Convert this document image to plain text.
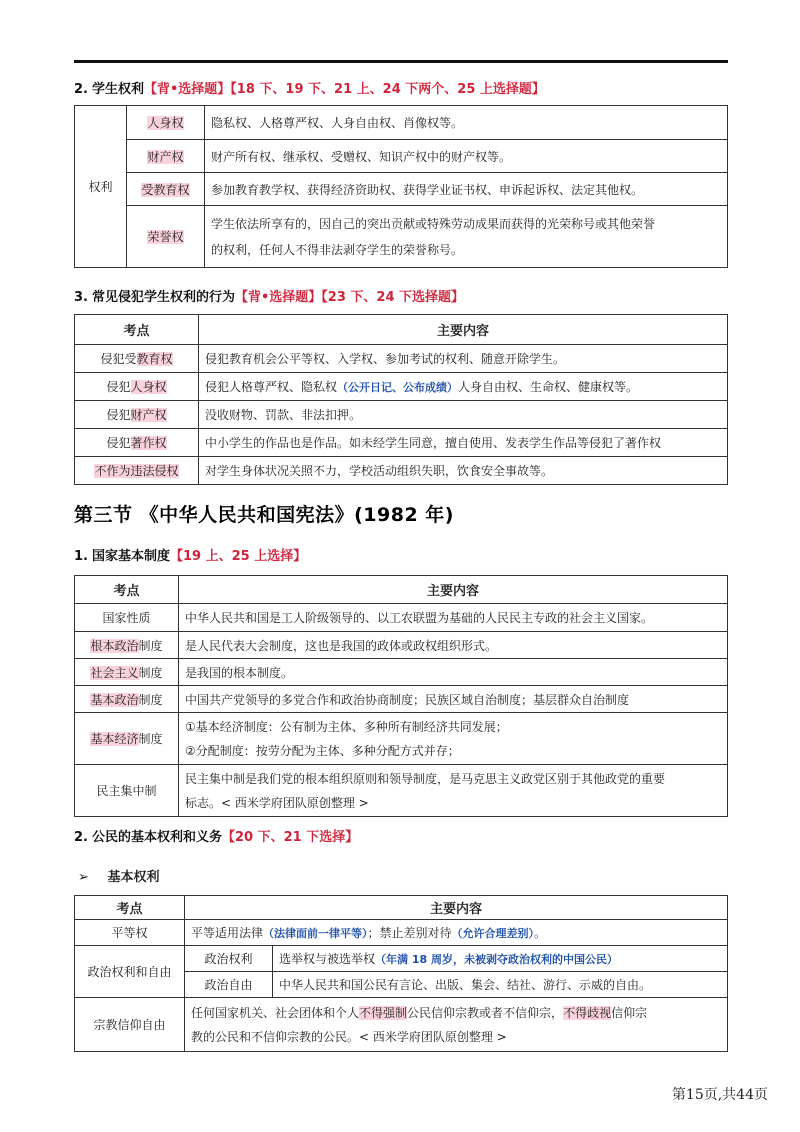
2. 学生权利【背•选择题】【18 下、19 下、21 上、24 下两个、25 上选择题】
权利	人身权	隐私权、人格尊严权、人身自由权、肖像权等。
	财产权	财产所有权、继承权、受赠权、知识产权中的财产权等。
	受教育权	参加教育教学权、获得经济资助权、获得学业证书权、申诉起诉权、法定其他权。
	荣誉权	学生依法所享有的，因自己的突出贡献或特殊劳动成果而获得的光荣称号或其他荣誉
的权利，任何人不得非法剥夺学生的荣誉称号。
3. 常见侵犯学生权利的行为【背•选择题】【23 下、24 下选择题】
考点	主要内容
侵犯受教育权	侵犯教育机会公平等权、入学权、参加考试的权利、随意开除学生。
侵犯人身权	侵犯人格尊严权、隐私权（公开日记、公布成绩）人身自由权、生命权、健康权等。
侵犯财产权	没收财物、罚款、非法扣押。
侵犯著作权	中小学生的作品也是作品。如未经学生同意，擅自使用、发表学生作品等侵犯了著作权
不作为违法侵权	对学生身体状况关照不力，学校活动组织失职，饮食安全事故等。
第三节 《中华人民共和国宪法》(1982 年)
1. 国家基本制度【19 上、25 上选择】
考点	主要内容
国家性质	中华人民共和国是工人阶级领导的、以工农联盟为基础的人民民主专政的社会主义国家。
根本政治制度	是人民代表大会制度，这也是我国的政体或政权组织形式。
社会主义制度	是我国的根本制度。
基本政治制度	中国共产党领导的多党合作和政治协商制度；民族区域自治制度；基层群众自治制度
基本经济制度	①基本经济制度：公有制为主体、多种所有制经济共同发展；
②分配制度：按劳分配为主体、多种分配方式并存；

民主集中制	民主集中制是我们党的根本组织原则和领导制度，是马克思主义政党区别于其他政党的重要
标志。< 西米学府团队原创整理 >
2. 公民的基本权利和义务【20 下、21 下选择】
➢ 基本权利
考点	主要内容	
平等权	平等适用法律（法律面前一律平等）；禁止差别对待（允许合理差别）。	
政治权利和自由	政治权利	选举权与被选举权（年满 18 周岁，未被剥夺政治权利的中国公民）
	政治自由	中华人民共和国公民有言论、出版、集会、结社、游行、示威的自由。
宗教信仰自由	任何国家机关、社会团体和个人不得强制公民信仰宗教或者不信仰宗，不得歧视信仰宗
教的公民和不信仰宗教的公民。< 西米学府团队原创整理 >	
第15页,共44页
